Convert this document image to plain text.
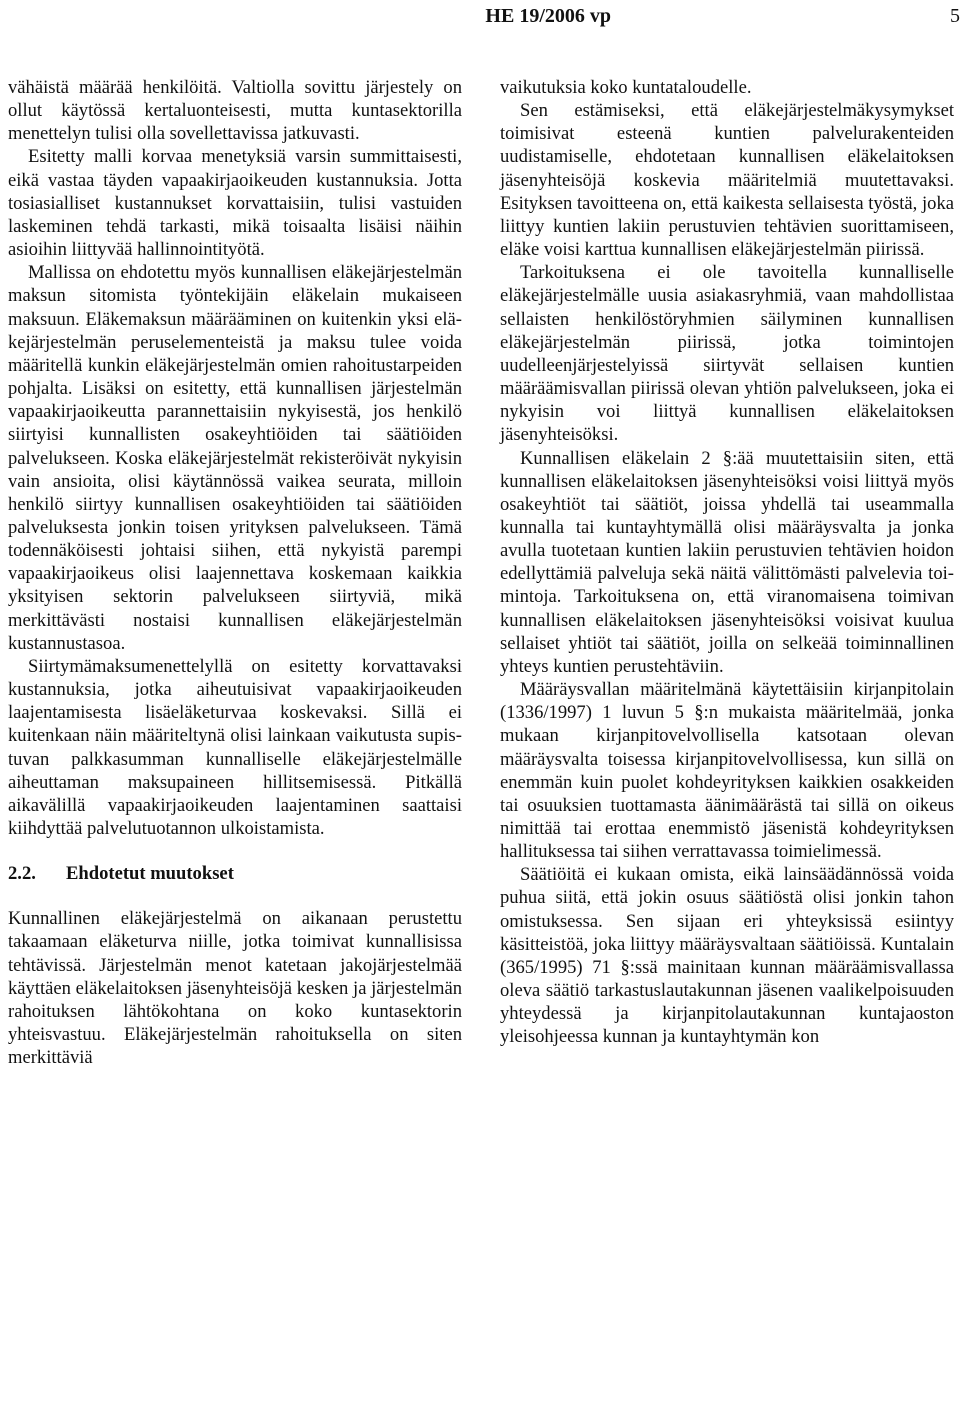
HE 19/2006 vp	5

vähäistä määrää henkilöitä. Valtiolla sovittu järjestely on ollut käytössä kertaluonteisesti, mutta kuntasektorilla menettelyn tulisi olla sovellettavissa jatkuvasti.

Esitetty malli korvaa menetyksiä varsin summittaisesti, eikä vastaa täyden vapaakirjaoikeuden kustannuksia. Jotta tosiasialliset kustannukset korvattaisiin, tulisi vastuiden laskeminen tehdä tarkasti, mikä toisaalta lisäisi näihin asioihin liittyvää hallinnointityötä.

Mallissa on ehdotettu myös kunnallisen eläkejärjestelmän maksun sitomista työntekijäin eläkelain mukaiseen maksuun. Eläkemaksun määrääminen on kuitenkin yksi eläkejärjestelmän peruselementeistä ja maksu tulee voida määritellä kunkin eläkejärjestelmän omien rahoitustarpeiden pohjalta. Lisäksi on esitetty, että kunnallisen järjestelmän vapaakirjaoikeutta parannettaisiin nykyisestä, jos henkilö siirtyisi kunnallisten osakeyhtiöiden tai säätiöiden palvelukseen. Koska eläkejärjestelmät rekisteröivät nykyisin vain ansioita, olisi käytännössä vaikea seurata, milloin henkilö siirtyy kunnallisen osakeyhtiöiden tai säätiöiden palveluksesta jonkin toisen yrityksen palvelukseen. Tämä todennäköisesti johtaisi siihen, että nykyistä parempi vapaakirjaoikeus olisi laajennettava koskemaan kaikkia yksityisen sektorin palvelukseen siirtyviä, mikä merkittävästi nostaisi kunnallisen eläkejärjestelmän kustannustasoa.

Siirtymämaksumenettelyllä on esitetty korvattavaksi kustannuksia, jotka aiheutuisivat vapaakirjaoikeuden laajentamisesta lisäeläketurvaa koskevaksi. Sillä ei kuitenkaan näin määriteltynä olisi lainkaan vaikutusta supistuvan palkkasumman kunnalliselle eläkejärjestelmälle aiheuttaman maksupaineen hillitsemisessä. Pitkällä aikavälillä vapaakirjaoikeuden laajentaminen saattaisi kiihdyttää palvelutuotannon ulkoistamista.

2.2. Ehdotetut muutokset

Kunnallinen eläkejärjestelmä on aikanaan perustettu takaamaan eläketurva niille, jotka toimivat kunnallisissa tehtävissä. Järjestelmän menot katetaan jakojärjestelmää käyttäen eläkelaitoksen jäsenyhteisöjä kesken ja järjestelmän rahoituksen lähtökohtana on koko kuntasektorin yhteisvastuu. Eläkejärjestelmän rahoituksella on siten merkittäviä

vaikutuksia koko kuntataloudelle.

Sen estämiseksi, että eläkejärjestelmäkysymykset toimisivat esteenä kuntien palvelurakenteiden uudistamiselle, ehdotetaan kunnallisen eläkelaitoksen jäsenyhteisöjä koskevia määritelmiä muutettavaksi. Esityksen tavoitteena on, että kaikesta sellaisesta työstä, joka liittyy kuntien lakiin perustuvien tehtävien suorittamiseen, eläke voisi karttua kunnallisen eläkejärjestelmän piirissä.

Tarkoituksena ei ole tavoitella kunnalliselle eläkejärjestelmälle uusia asiakasryhmiä, vaan mahdollistaa sellaisten henkilöstöryhmien säilyminen kunnallisen eläkejärjestelmän piirissä, jotka toimintojen uudelleenjärjestelyissä siirtyvät sellaisen kuntien määräämisvallan piirissä olevan yhtiön palvelukseen, joka ei nykyisin voi liittyä kunnallisen eläkelaitoksen jäsenyhteisöksi.

Kunnallisen eläkelain 2 §:ää muutettaisiin siten, että kunnallisen eläkelaitoksen jäsenyhteisöksi voisi liittyä myös osakeyhtiöt tai säätiöt, joissa yhdellä tai useammalla kunnalla tai kuntayhtymällä olisi määräysvalta ja jonka avulla tuotetaan kuntien lakiin perustuvien tehtävien hoidon edellyttämiä palveluja sekä näitä välittömästi palvelevia toimintoja. Tarkoituksena on, että viranomaisena toimivan kunnallisen eläkelaitoksen jäsenyhteisöksi voisivat kuulua sellaiset yhtiöt tai säätiöt, joilla on selkeää toiminnallinen yhteys kuntien perustehtäviin.

Määräysvallan määritelmänä käytettäisiin kirjanpitolain (1336/1997) 1 luvun 5 §:n mukaista määritelmää, jonka mukaan kirjanpitovelvollisella katsotaan olevan määräysvalta toisessa kirjanpitovelvollisessa, kun sillä on enemmän kuin puolet kohdeyrityksen kaikkien osakkeiden tai osuuksien tuottamasta äänimäärästä tai sillä on oikeus nimittää tai erottaa enemmistö jäsenistä kohdeyrityksen hallituksessa tai siihen verrattavassa toimielimessä.

Säätiöitä ei kukaan omista, eikä lainsäädännössä voida puhua siitä, että jokin osuus säätiöstä olisi jonkin tahon omistuksessa. Sen sijaan eri yhteyksissä esiintyy käsitteistöä, joka liittyy määräysvaltaan säätiöissä. Kuntalain (365/1995) 71 §:ssä mainitaan kunnan määräämisvallassa oleva säätiö tarkastuslautakunnan jäsenen vaalikelpoisuuden yhteydessä ja kirjanpitolautakunnan kuntajaoston yleisohjeessa kunnan ja kuntayhtymän kon
